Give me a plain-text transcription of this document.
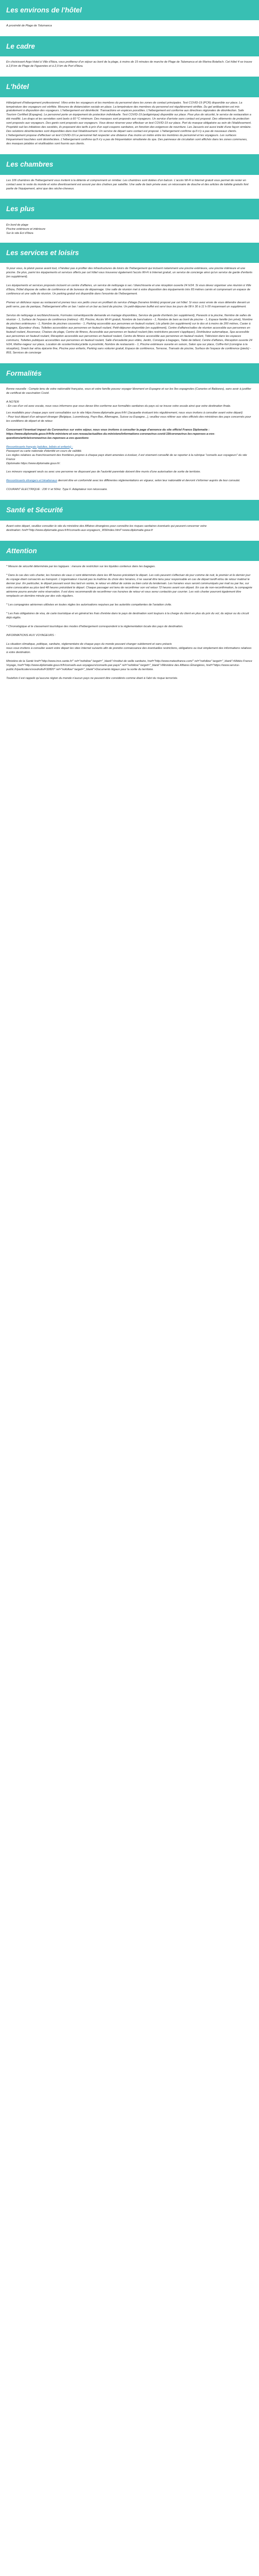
Les environs de l'hôtel

À proximité de Plage de Tolumanca

Le cadre

En choisissant Argo Hotel à Ville d'Ibiza, vous profiterez d'un séjour au bord de la plage, à moins de 15 minutes de marche de Plage de Talamanca et de Marina Botafoch. Cet hôtel 4 se trouve à 2,8 km de Plage de Figueretes et à 2,9 km de Port d'Ibiza.

L'hôtel

Hôte/gérant d'hébergement professionnel. Vibro entre les voyageurs et les membres du personnel dans les zones de contact principales. Test COVID-19 (PCR) disponible sur place. La température des voyageurs est vérifiée. Mesures de distanciation sociale en place. La température des membres du personnel est régulièrement vérifiée. Du gel antibactérien est mis gratuitement à disposition des voyageurs. L'hébergement est désinfecté. Transactions en espèces possibles. L'hébergement est conforme aux directives régionales de désinfection. Safe Tourism Certified (Espagne). Le personnel porte un équipement de protection individuelle. Test COVID-19 (antigénique) disponible sur place. Pour plus de sécurité, le service de restauration a été modifié. Les draps et les serviettes sont lavés à 60 °C minimum. Des masques sont proposés aux voyageurs. Un service d'arrivée sans contact est proposé. Des vêtements de protection sont proposés aux voyageurs. Des gants sont proposés aux voyageurs. Vous devez réserver pour effectuer un test COVID-19 sur place. Port du masque obligatoire au sein de l'établissement. Propriété suit les initiatives des sociétés, ils proposent des tarifs à prix d'un sept coupons sanitaires, en fonction des exigences de nourriture. Les Jacuzzis est aussi traité d'une façon similaire. Des solutions désinfectantes sont disponibles dans tout l'établissement. Un service de départ sans contact est proposé. L'hébergement confirme qu'il n'y a pas de nouveaux clients. L'hébergement propose d'effectuer un test COVID-19 Le personnel fait respecter une distance d'au moins un mètre entre les membres du personnel et les voyageurs. Les surfaces fréquemment touchées sont désinfectées. L'hébergement confirme qu'il n'y a pas de fréquentation simultanée du spa. Des panneaux de circulation sont affichés dans les zones communes, des masques jetables et réutilisables sont fournis aux clients.

Les chambres

Les 106 chambres de l'hébergement vous invitent à la détente et comprennent un minibar. Les chambres sont dotées d'un balcon. L'accès Wi-Fi à Internet gratuit vous permet de rester en contact avec le reste du monde et votre divertissement est assuré par des chaînes par satellite. Une salle de bain privée avec un nécessaire de douche et des articles de toilette gratuits font partie de l'équipement, ainsi que des sèche-cheveux.

Les plus

En bord de plage

Piscine extérieure et intérieure

Sur le site Ect d'Ibiza

Les services et loisirs

Si pour vous, le plaisir passe avant tout, n'hésitez pas à profiter des infrastructures de loisirs de l'hébergement qui incluent notamment une piscine extérieure, une piscine intérieure et une piscine. De plus, parmi les équipements et services offerts par cet hôtel vous trouverez également l'accès Wi-Fi à Internet gratuit, un service de concierge ainsi qu'un service de garde d'enfants (en supplément).

Les équipements et services proposés incluent un centre d'affaires, un service de nettoyage à sec / blanchisserie et une réception ouverte 24 h/24. Si vous devez organiser une réunion à Ville d'Ibiza, l'hôtel dispose de salles de conférence et de bureaux de dépannage. Une salle de réunion met à votre disposition des équipements très 83 mètres carrés et comprenant un espace de conférence et une salle de réunion. Un parking gratuit est disponible dans l'enceinte de l'hébergement.

Prenez un délicieux repas au restaurant et prenez tous vos petits creux en profitant du service d'étage (horaires limités) proposé par cet hôtel. Si vous avez envie de vous détendre devant un petit verre, pas de panique, l'hébergement offre un bar / salon et un bar au bord de piscine. Un petit-déjeuner buffet est servi tous les jours de 08 h 30 à 11 h 00 moyennant un supplément.

Service de nettoyage à sec/blanchisserie, Formules romantiques/de demande en mariage disponibles, Service de garde d'enfants (en supplément), Parasols à la piscine, Nombre de salles de réunion - 1, Surface de l'espace de conférence (mètres) - 83, Piscine, Accès Wi-Fi gratuit, Nombre de bars/salons - 1, Nombre de bars au bord de piscine - 1, Espace famille (en privé), Nombre de piscines extérieures - 1, Nombre de piscines couvertes - 1, Parking accessible aux personnes en fauteuil roulant, Lits pliants (en supplément) sur le dos et à moins de 200 mètres, Casier à bagages, Épurateur d'eau, Toilettes accessibles aux personnes en fauteuil roulant, Petit-déjeuner disponible (en supplément), Centre d'affaires/salles de réunion accessible aux personnes en fauteuil roulant, Ascenseur, Chaises de plage, Centre de fitness, Accessible aux personnes en fauteuil roulant (des restrictions peuvent s'appliquer), Distributeur automatique, Spa accessible aux personnes en fauteuil roulant, Réception accessible aux personnes en fauteuil roulant, Centre de fitness accessible aux personnes en fauteuil roulant, Télévision dans les espaces communs, Toilettes publiques accessibles aux personnes en fauteuil roulant, Salle d'arcade/de jeux vidéo, Jardin, Consigne à bagages, Table de billard, Centre d'affaires, Réception ouverte 24 h/24, Maître-nageur sur place, Location de scooter/motocyclette à proximité, Nombre de restaurants - 1, Piscine extérieure ouverte en saison, Salon spa sur place, Coffre-fort (consigne à la réception), Snack bar et/ou épicerie fine, Piscine pour enfants, Parking sans voiturier gratuit, Espace de conférence, Terrasse, Transats de piscine, Surface de l'espace de conférence (pieds) - 893, Services de concierge

Formalités

Bonne nouvelle : Compte tenu de votre nationalité française, vous et votre famille pouvez voyager librement en Espagne et sur les îles espagnoles (Canaries et Baléares), sans avoir à justifier de certificat de vaccination Covid.

A NOTER

- En cas d'un vol avec escale, nous vous informons que vous devez être conforme aux formalités sanitaires du pays où se trouve votre escale ainsi que votre destination finale.

Les modalités pour chaque pays sont consultables sur le site https://www.diplomatie.gouv.fr/fr/ (Jacquette évoluant très régulièrement, nous vous invitons à consulter avant votre départ)

- Pour tout départ d'un aéroport étranger (Belgique, Luxembourg, Pays-Bas, Allemagne, Suisse ou Espagne...), veuillez vous référer aux sites officiels des ministères des pays concernés pour les conditions de départ et de retour.

Concernant l'éventuel impact du Coronavirus sur votre séjour, nous vous invitons à consulter la page d'annonce du site officiel France Diplomatie : https://www.diplomatie.gouv.fr/fr/le-ministere-et-son-reseau/actualites-du-ministere/informations-coronavirus-covid-19/coronavirus-les-reponses-a-vos-questions/article/coronavirus-les-reponses-a-vos-questions

Ressortissants français (adultes, bébés et enfants) :

Passeport ou carte nationale d'identité en cours de validité.

Les règles relatives au franchissement des frontières propres à chaque pays étant amenées à évoluer, il est vivement conseillé de se reporter à la rubrique "conseils aux voyageurs" du site France

Diplomatie https://www.diplomatie.gouv.fr/.

Les mineurs voyageant seuls ou avec une personne ne disposant pas de l'autorité parentale doivent être munis d'une autorisation de sortie de territoire.

Ressortissants étrangers et binationaux devront être en conformité avec les différentes réglementations en vigueur, selon leur nationalité et devront s'informer auprès de leur consulat.

COURANT ELECTRIQUE : 230 V et 50Hz. Type F. Adaptateur non nécessaire.

Santé et Sécurité

Avant votre départ, veuillez consulter le site du ministère des Affaires étrangères pour connaître les risques sanitaires éventuels qui peuvent concerner votre

destination: href="http://www.diplomatie.gouv.fr/fr/conseils-aux-voyageurs_909/index.html">www.diplomatie.gouv.fr

Attention

* Mesure de sécurité déterminée par les logiques : mesure de restriction sur les liquides contenus dans les bagages.

* Dans le cas des vols charter, les horaires de vaux ci sont déterminés dans les 48 heures précédant le départ. Les vols peuvent s'effectuer de jour comme de nuit, le premier et le dernier jour du voyage étant consacrés au transport. L'organisateur n'aurait pas la maîtrise du choix des horaires, il ne saurait être tenu pour responsable en cas de départ tardif et/ou de retour matinal le dernier jour. En particulier, le départ pouvant avoir lieu tard en soirée, le retour en début de soirée ou bien celui du lendemain. Les horaires vous seront communiqués par mail ou par fax, sur votre convocation au plus tard 48 heures précédant le départ. Chaque passager est tenu de reconfirmer son vol retour 72 heures avant son départ. En cas de non-reconfirmation, la compagnie aérienne pourra annuler votre réservation. Il est donc recommandé de reconfirmer vos horaires de retour et vous serez contactés par courrier. Les vols charter pourront également être remplacés en dernière minute par des vols réguliers.

* Les compagnies aériennes utilisées en toutes règles les autorisations requises par les autorités compétentes de l'aviation civile.

* Les frais obligatoires de visa, de carte touristique et en général les frais d'entrée dans le pays de destination sont toujours à la charge du client en plus du prix du vol, du séjour ou du circuit déjà réglés.

* Chronologique et le classement touristique des modes d'hébergement correspondent à la réglementation locale des pays de destination.

INFORMATIONS AUX VOYAGEURS :

La situation climatique, politique, sanitaire, réglementaire de chaque pays du monde pouvant changer subitement et sans préavis

nous vous invitons à consulter avant votre départ les sites Internet suivants afin de prendre connaissance des éventuelles restrictions, obligations ou tout simplement des informations relatives à votre destination.

Ministère de la Santé href="http://www.invs.sante.fr/" rel="nofollow" target="_blank">Institut de veille sanitaire, href="http://www.meteofrance.com/" rel="nofollow" target="_blank">Météo France Voyage, href="http://www.diplomatie.gouv.fr/fr/conseils-aux-voyageurs/conseils-par-pays/" rel="nofollow" target="_blank">Ministère des Affaires Étrangères, href="https://www.service-public.fr/particuliers/vosdroits/F32820" rel="nofollow" target="_blank">Documents légaux pour la sortie du territoire.

Toutefois il est rappelé qu'aucune région du monde n'aucun pays ne peuvent être considérés comme étant à l'abri du risque terroriste.
